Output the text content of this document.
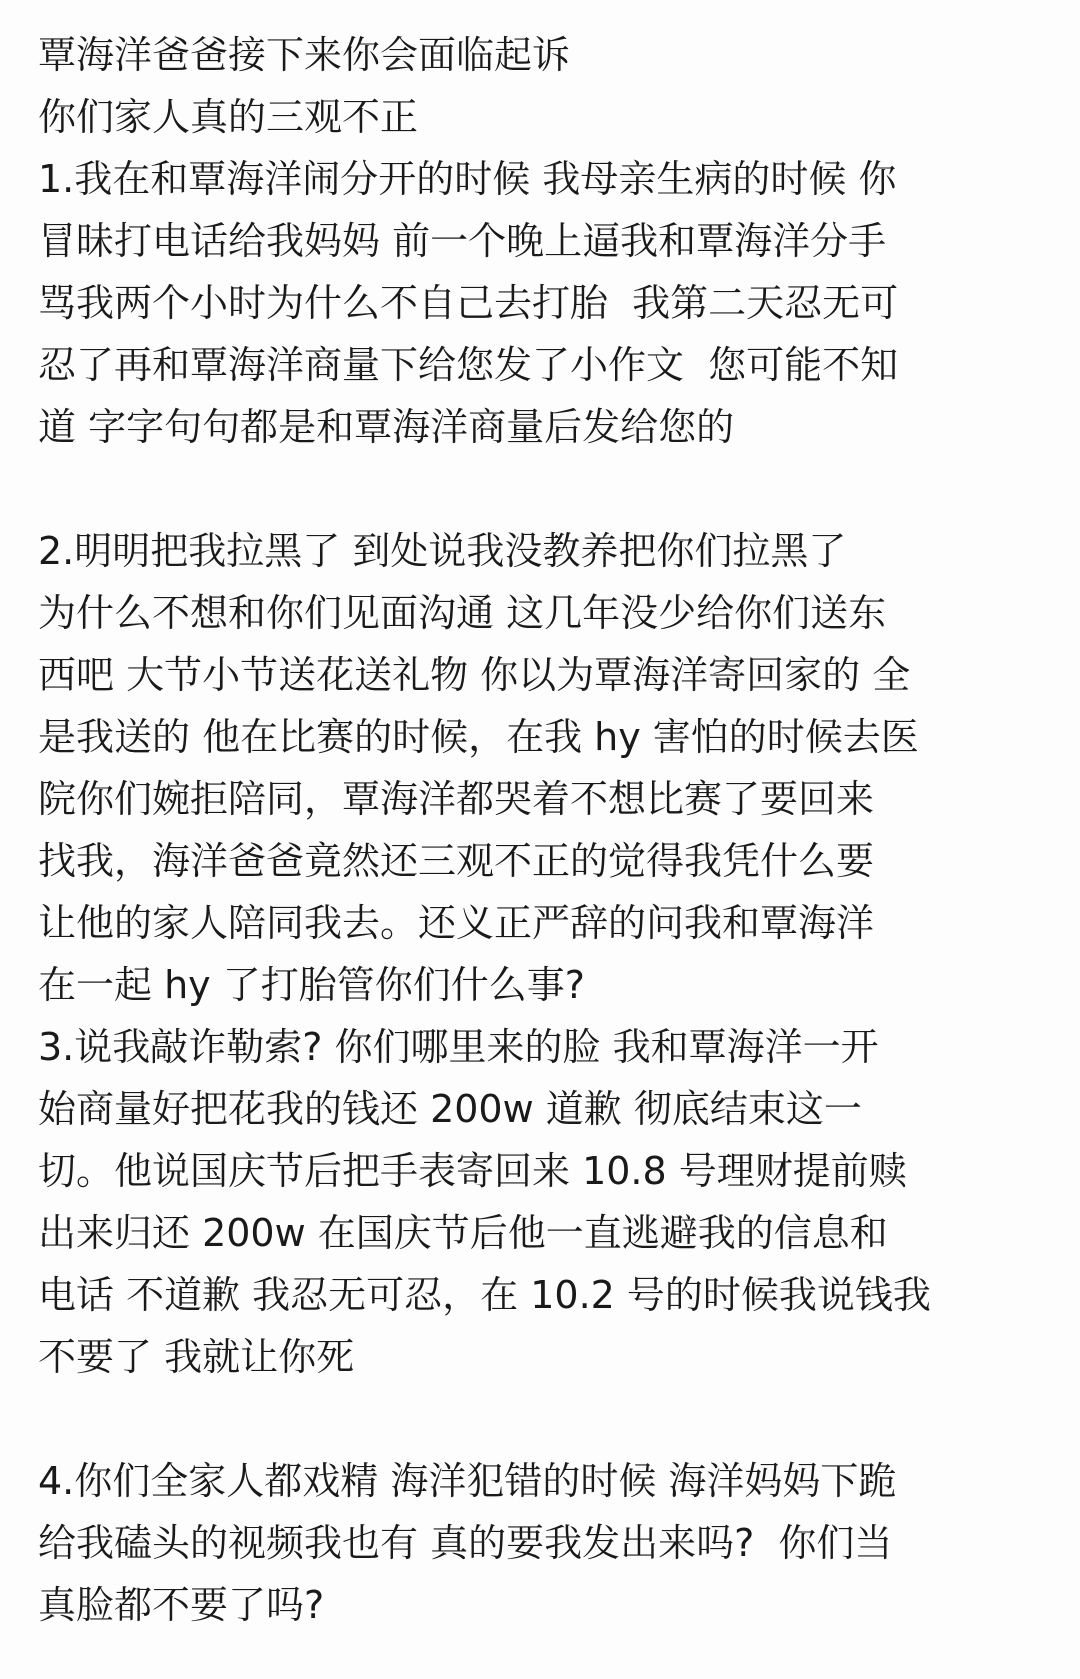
覃海洋爸爸接下来你会面临起诉
你们家人真的三观不正
1.我在和覃海洋闹分开的时候 我母亲生病的时候 你
冒昧打电话给我妈妈 前一个晚上逼我和覃海洋分手
骂我两个小时为什么不自己去打胎  我第二天忍无可
忍了再和覃海洋商量下给您发了小作文  您可能不知
道 字字句句都是和覃海洋商量后发给您的
2.明明把我拉黑了 到处说我没教养把你们拉黑了
为什么不想和你们见面沟通 这几年没少给你们送东
西吧 大节小节送花送礼物 你以为覃海洋寄回家的 全
是我送的 他在比赛的时候，在我 hy 害怕的时候去医
院你们婉拒陪同，覃海洋都哭着不想比赛了要回来
找我，海洋爸爸竟然还三观不正的觉得我凭什么要
让他的家人陪同我去。还义正严辞的问我和覃海洋
在一起 hy 了打胎管你们什么事?
3.说我敲诈勒索? 你们哪里来的脸 我和覃海洋一开
始商量好把花我的钱还 200w 道歉 彻底结束这一
切。他说国庆节后把手表寄回来 10.8 号理财提前赎
出来归还 200w 在国庆节后他一直逃避我的信息和
电话 不道歉 我忍无可忍，在 10.2 号的时候我说钱我
不要了 我就让你死
4.你们全家人都戏精 海洋犯错的时候 海洋妈妈下跪
给我磕头的视频我也有 真的要我发出来吗?  你们当
真脸都不要了吗?
